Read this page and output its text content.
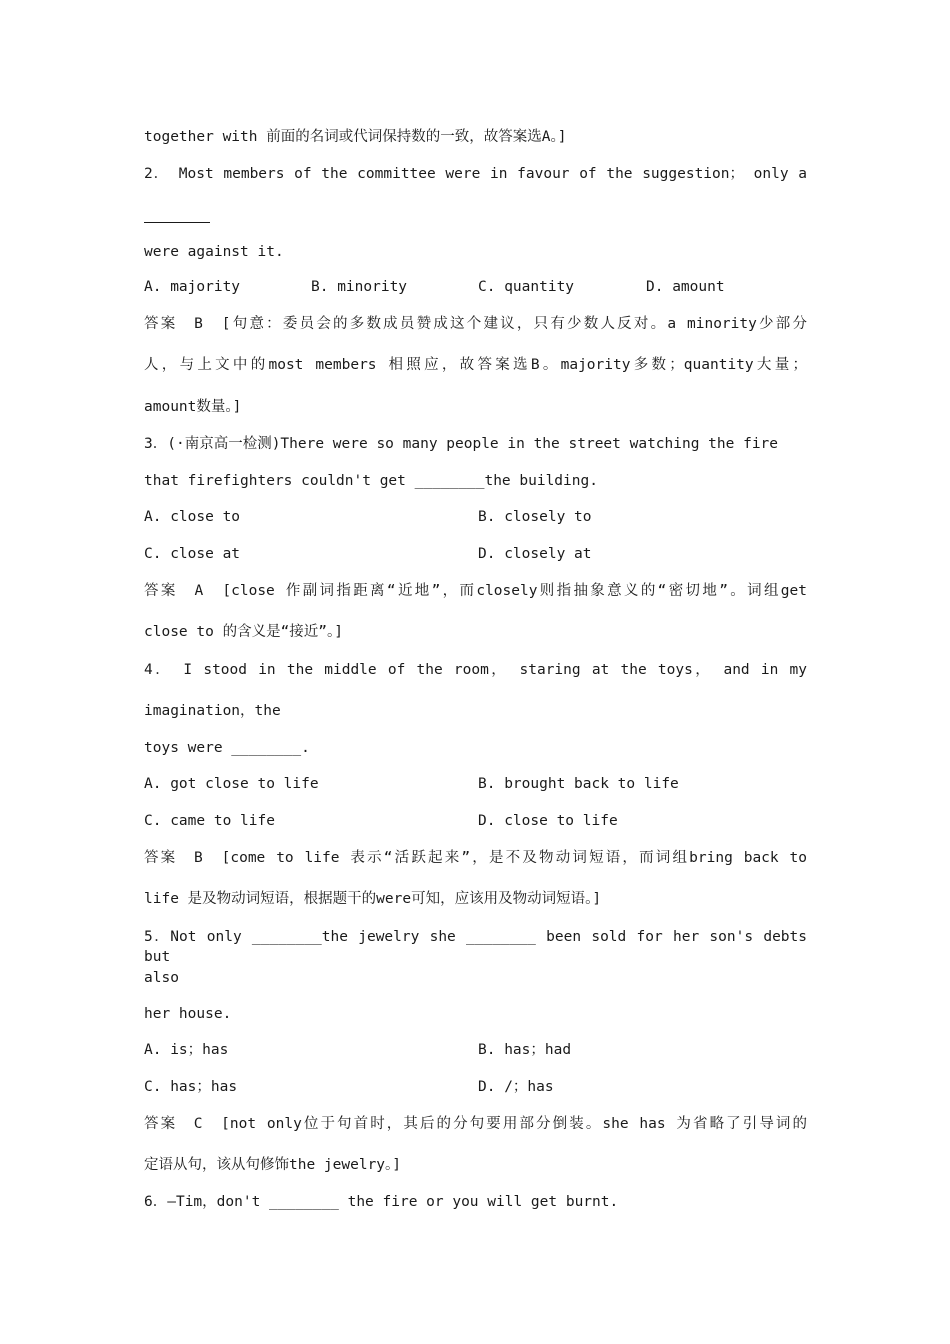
together with 前面的名词或代词保持数的一致，故答案选A。]
2． Most members of the committee were in favour of the suggestion； only a
were against it.
A. majority	B. minority	C. quantity	D. amount
答案　B　[句意：委员会的多数成员赞成这个建议，只有少数人反对。a minority少部分
人，与上文中的most members 相照应，故答案选B。majority多数；quantity大量；
amount数量。]
3．(·南京高一检测)There were so many people in the street watching the fire
that firefighters couldn't get ________the building.
A. close to	B. closely to
C. close at	D. closely at
答案　A　[close 作副词指距离“近地”，而closely则指抽象意义的“密切地”。词组get
close to 的含义是“接近”。]
4． I stood in the middle of the room， staring at the toys， and in my
imagination，the
toys were ________.
A. got close to life	B. brought back to life
C. came to life	D. close to life
答案　B　[come to life 表示“活跃起来”，是不及物动词短语，而词组bring back to
life 是及物动词短语，根据题干的were可知，应该用及物动词短语。]
5．Not only ________the jewelry she ________ been sold for her son's debts but
also
her house.
A. is；has	B. has；had
C. has；has	D. /；has
答案　C　[not only位于句首时，其后的分句要用部分倒装。she has 为省略了引导词的
定语从句，该从句修饰the jewelry。]
6．—Tim，don't ________ the fire or you will get burnt.
